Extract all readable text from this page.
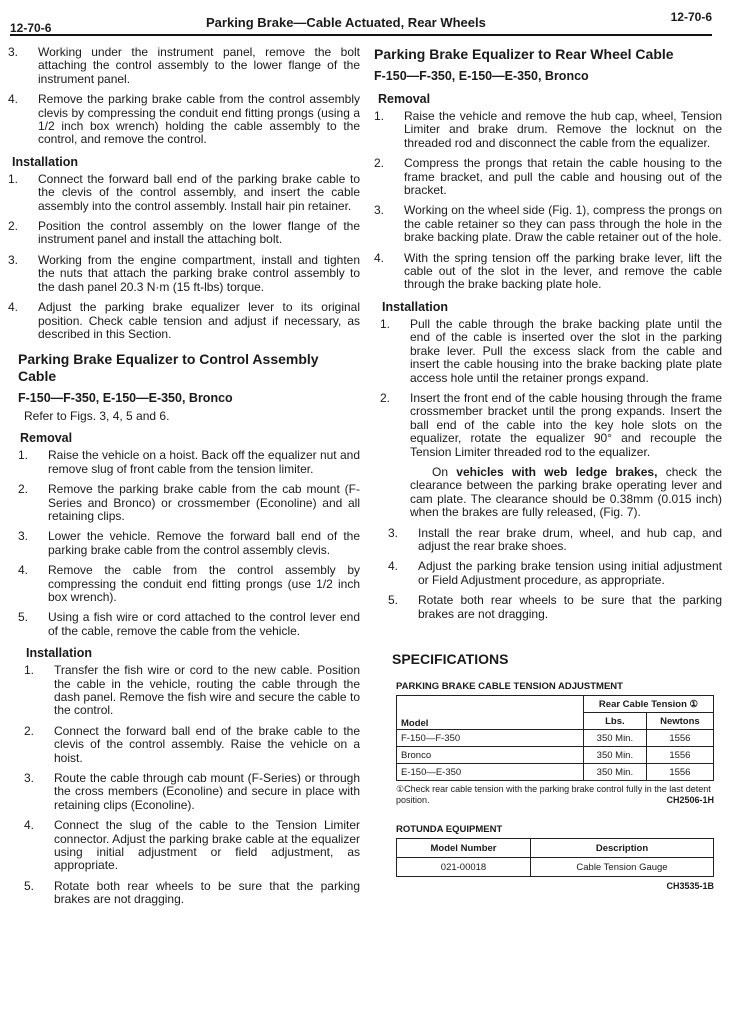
12-70-6	Parking Brake—Cable Actuated, Rear Wheels	12-70-6
3. Working under the instrument panel, remove the bolt attaching the control assembly to the lower flange of the instrument panel.
4. Remove the parking brake cable from the control assembly clevis by compressing the conduit end fitting prongs (using a 1/2 inch box wrench) holding the cable assembly to the control, and remove the control.
Installation
1. Connect the forward ball end of the parking brake cable to the clevis of the control assembly, and insert the cable assembly into the control assembly. Install hair pin retainer.
2. Position the control assembly on the lower flange of the instrument panel and install the attaching bolt.
3. Working from the engine compartment, install and tighten the nuts that attach the parking brake control assembly to the dash panel 20.3 N·m (15 ft-lbs) torque.
4. Adjust the parking brake equalizer lever to its original position. Check cable tension and adjust if necessary, as described in this Section.
Parking Brake Equalizer to Control Assembly Cable
F-150—F-350, E-150—E-350, Bronco
Refer to Figs. 3, 4, 5 and 6.
Removal
1. Raise the vehicle on a hoist. Back off the equalizer nut and remove slug of front cable from the tension limiter.
2. Remove the parking brake cable from the cab mount (F-Series and Bronco) or crossmember (Econoline) and all retaining clips.
3. Lower the vehicle. Remove the forward ball end of the parking brake cable from the control assembly clevis.
4. Remove the cable from the control assembly by compressing the conduit end fitting prongs (use 1/2 inch box wrench).
5. Using a fish wire or cord attached to the control lever end of the cable, remove the cable from the vehicle.
Installation
1. Transfer the fish wire or cord to the new cable. Position the cable in the vehicle, routing the cable through the dash panel. Remove the fish wire and secure the cable to the control.
2. Connect the forward ball end of the brake cable to the clevis of the control assembly. Raise the vehicle on a hoist.
3. Route the cable through cab mount (F-Series) or through the cross members (Econoline) and secure in place with retaining clips (Econoline).
4. Connect the slug of the cable to the Tension Limiter connector. Adjust the parking brake cable at the equalizer using initial adjustment or field adjustment, as appropriate.
5. Rotate both rear wheels to be sure that the parking brakes are not dragging.
Parking Brake Equalizer to Rear Wheel Cable
F-150—F-350, E-150—E-350, Bronco
Removal
1. Raise the vehicle and remove the hub cap, wheel, Tension Limiter and brake drum. Remove the locknut on the threaded rod and disconnect the cable from the equalizer.
2. Compress the prongs that retain the cable housing to the frame bracket, and pull the cable and housing out of the bracket.
3. Working on the wheel side (Fig. 1), compress the prongs on the cable retainer so they can pass through the hole in the brake backing plate. Draw the cable retainer out of the hole.
4. With the spring tension off the parking brake lever, lift the cable out of the slot in the lever, and remove the cable through the brake backing plate hole.
Installation
1. Pull the cable through the brake backing plate until the end of the cable is inserted over the slot in the parking brake lever. Pull the excess slack from the cable and insert the cable housing into the brake backing plate plate access hole until the retainer prongs expand.
2. Insert the front end of the cable housing through the frame crossmember bracket until the prong expands. Insert the ball end of the cable into the key hole slots on the equalizer, rotate the equalizer 90° and recouple the Tension Limiter threaded rod to the equalizer.

On vehicles with web ledge brakes, check the clearance between the parking brake operating lever and cam plate. The clearance should be 0.38mm (0.015 inch) when the brakes are fully released, (Fig. 7).

3. Install the rear brake drum, wheel, and hub cap, and adjust the rear brake shoes.
4. Adjust the parking brake tension using initial adjustment or Field Adjustment procedure, as appropriate.
5. Rotate both rear wheels to be sure that the parking brakes are not dragging.
SPECIFICATIONS
PARKING BRAKE CABLE TENSION ADJUSTMENT
Model	Rear Cable Tension ①	
	Lbs.	Newtons
F-150—F-350	350 Min.	1556
Bronco	350 Min.	1556
E-150—E-350	350 Min.	1556
①Check rear cable tension with the parking brake control fully in the last detent position.	CH2506-1H
ROTUNDA EQUIPMENT
Model Number	Description
021-00018	Cable Tension Gauge
CH3535-1B
